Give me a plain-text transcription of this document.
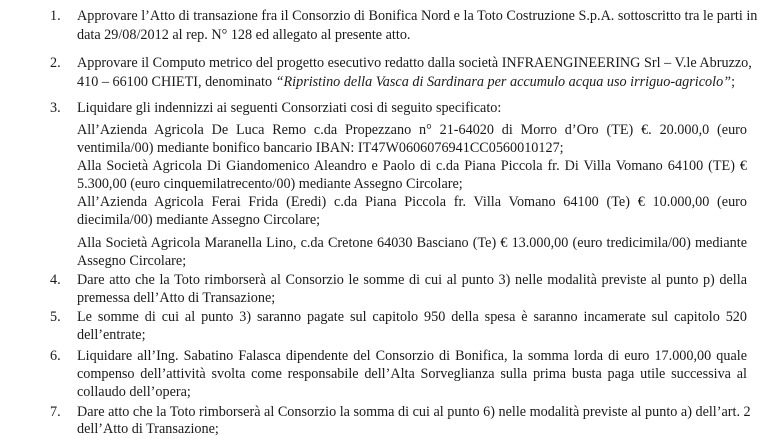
1. Approvare l’Atto di transazione fra il Consorzio di Bonifica Nord e la Toto Costruzione S.p.A. sottoscritto tra le parti in
data 29/08/2012 al rep. N° 128 ed allegato al presente atto.
2. Approvare il Computo metrico del progetto esecutivo redatto dalla società INFRAENGINEERING Srl – V.le Abruzzo,
410 – 66100 CHIETI, denominato “Ripristino della Vasca di Sardinara per accumulo acqua uso irriguo-agricolo”;
3. Liquidare gli indennizzi ai seguenti Consorziati cosi di seguito specificato:
All’Azienda Agricola De Luca Remo c.da Propezzano n° 21-64020 di Morro d’Oro (TE) €. 20.000,0 (euro
ventimila/00) mediante bonifico bancario IBAN: IT47W0606076941CC0560010127;
Alla Società Agricola Di Giandomenico Aleandro e Paolo di c.da Piana Piccola fr. Di Villa Vomano 64100 (TE) €
5.300,00 (euro cinquemilatrecento/00) mediante Assegno Circolare;
All’Azienda Agricola Ferai Frida (Eredi) c.da Piana Piccola fr. Villa Vomano 64100 (Te) € 10.000,00 (euro
diecimila/00) mediante Assegno Circolare;
Alla Società Agricola Maranella Lino, c.da Cretone 64030 Basciano (Te) € 13.000,00 (euro tredicimila/00) mediante
Assegno Circolare;
4. Dare atto che la Toto rimborserà al Consorzio le somme di cui al punto 3) nelle modalità previste al punto p) della
premessa dell’Atto di Transazione;
5. Le somme di cui al punto 3) saranno pagate sul capitolo 950 della spesa è saranno incamerate sul capitolo 520
dell’entrate;
6. Liquidare all’Ing. Sabatino Falasca dipendente del Consorzio di Bonifica, la somma lorda di euro 17.000,00 quale
compenso dell’attività svolta come responsabile dell’Alta Sorveglianza sulla prima busta paga utile successiva al
collaudo dell’opera;
7. Dare atto che la Toto rimborserà al Consorzio la somma di cui al punto 6) nelle modalità previste al punto a) dell’art. 2
dell’Atto di Transazione;
